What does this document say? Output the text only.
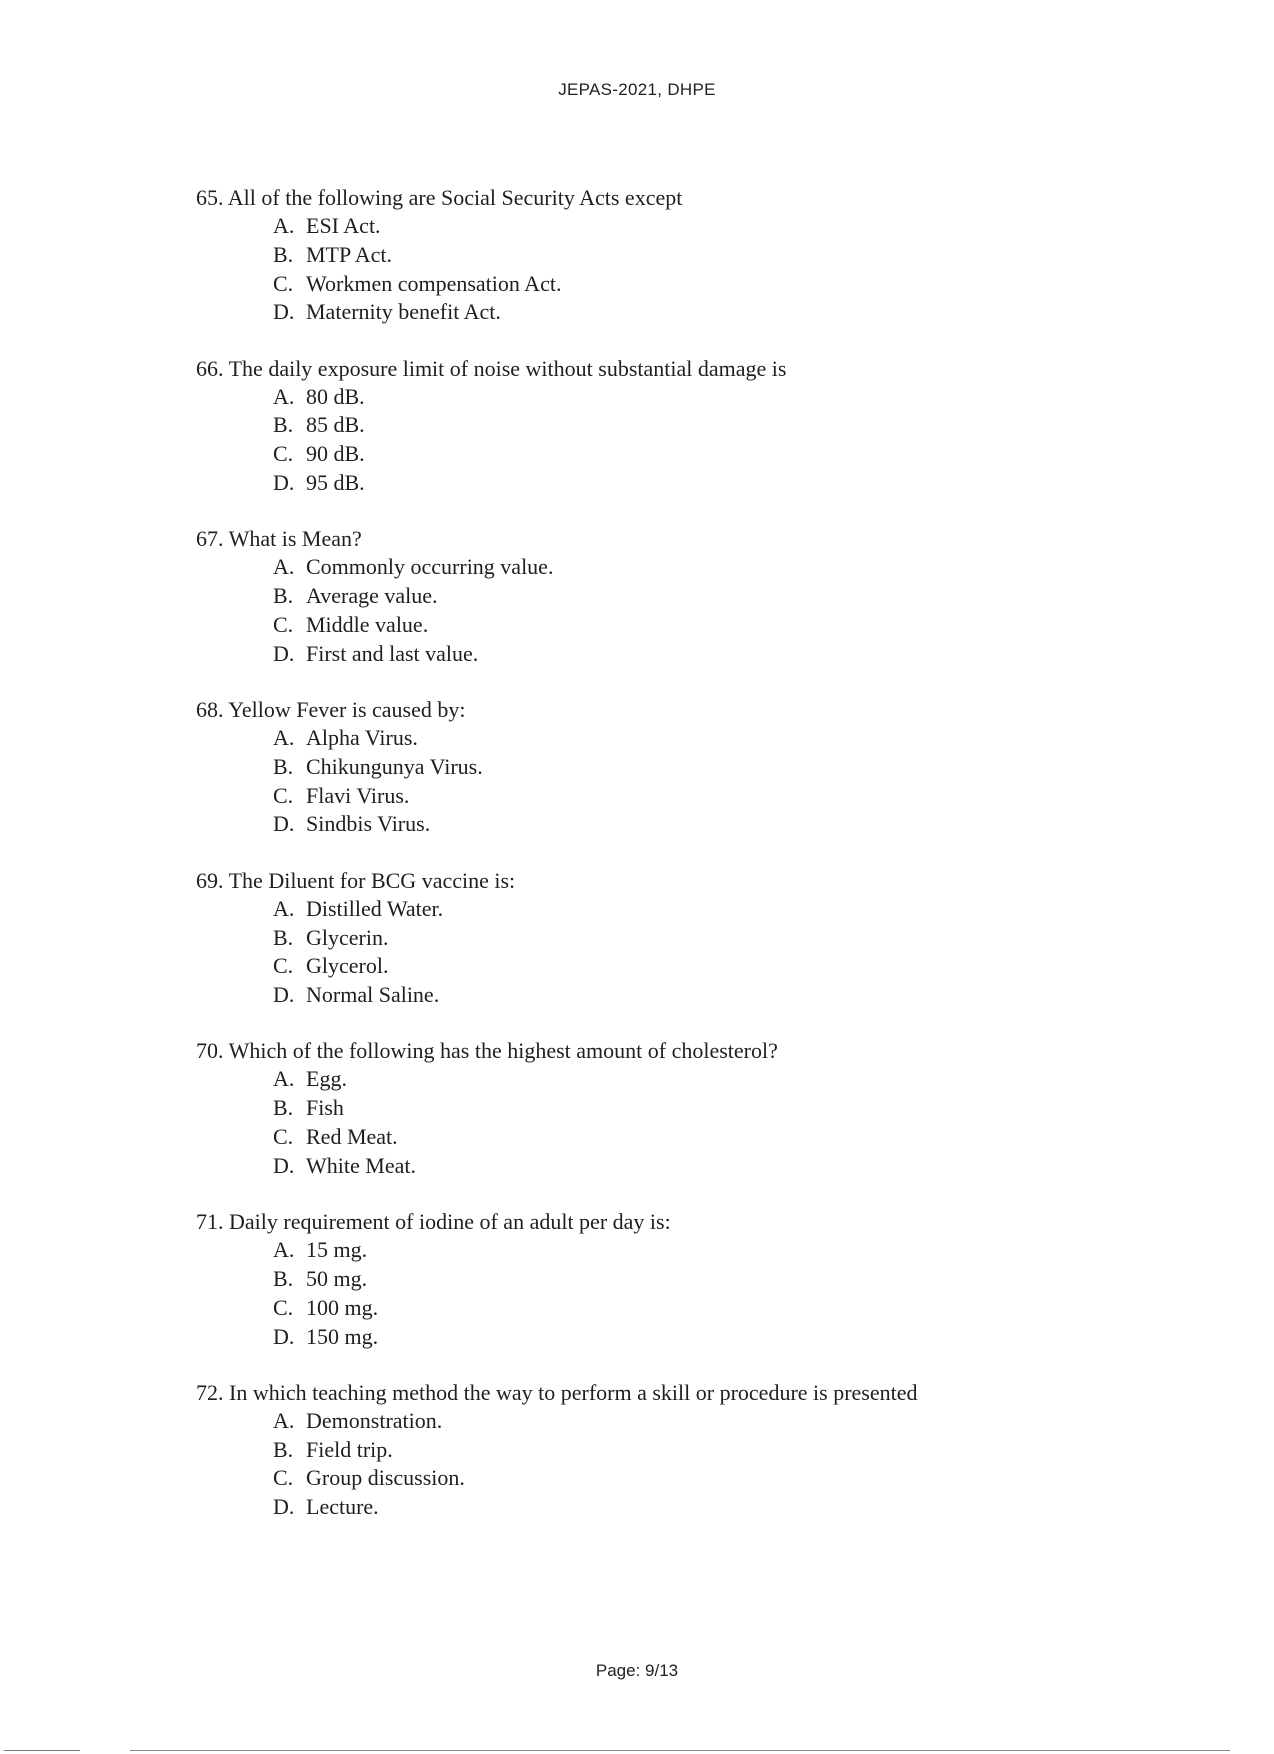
JEPAS-2021, DHPE
65. All of the following are Social Security Acts except
A. ESI Act.
B. MTP Act.
C. Workmen compensation Act.
D. Maternity benefit Act.
66. The daily exposure limit of noise without substantial damage is
A. 80 dB.
B. 85 dB.
C. 90 dB.
D. 95 dB.
67. What is Mean?
A. Commonly occurring value.
B. Average value.
C. Middle value.
D. First and last value.
68. Yellow Fever is caused by:
A. Alpha Virus.
B. Chikungunya Virus.
C. Flavi Virus.
D. Sindbis Virus.
69. The Diluent for BCG vaccine is:
A. Distilled Water.
B. Glycerin.
C. Glycerol.
D. Normal Saline.
70. Which of the following has the highest amount of cholesterol?
A. Egg.
B. Fish
C. Red Meat.
D. White Meat.
71. Daily requirement of iodine of an adult per day is:
A. 15 mg.
B. 50 mg.
C. 100 mg.
D. 150 mg.
72. In which teaching method the way to perform a skill or procedure is presented
A. Demonstration.
B. Field trip.
C. Group discussion.
D. Lecture.
Page: 9/13
